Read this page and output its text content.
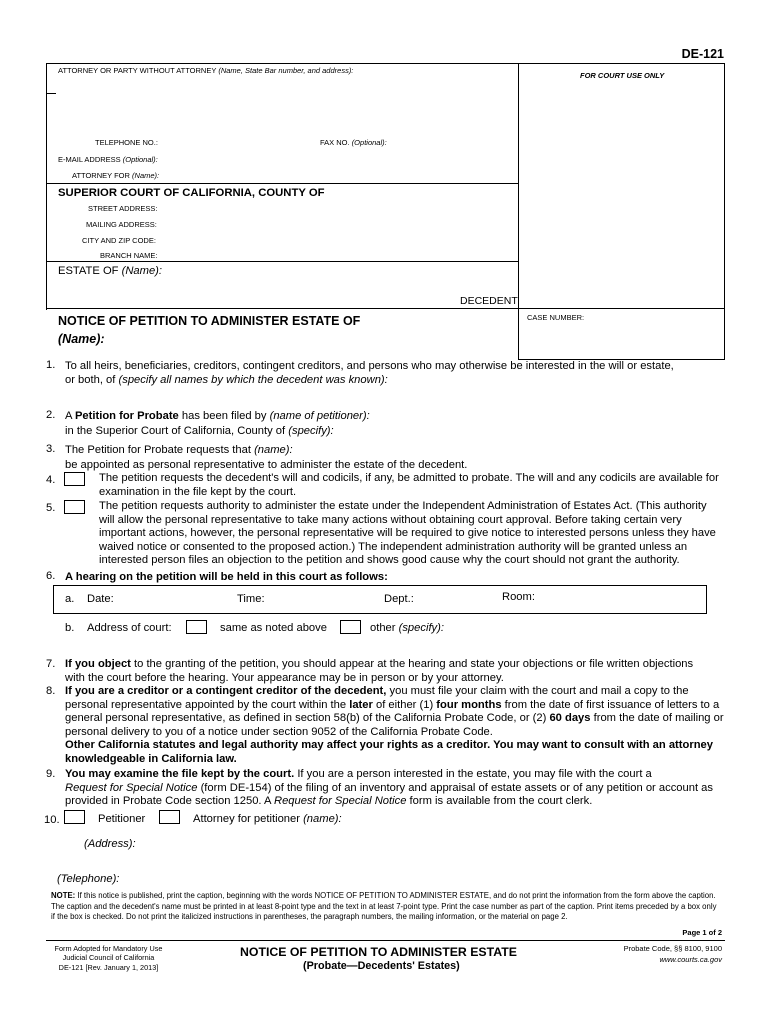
DE-121
ATTORNEY OR PARTY WITHOUT ATTORNEY (Name, State Bar number, and address):
FOR COURT USE ONLY
TELEPHONE NO.:	FAX NO. (Optional):
E-MAIL ADDRESS (Optional):
ATTORNEY FOR (Name):
SUPERIOR COURT OF CALIFORNIA, COUNTY OF
STREET ADDRESS:
MAILING ADDRESS:
CITY AND ZIP CODE:
BRANCH NAME:
ESTATE OF (Name):
DECEDENT
CASE NUMBER:
NOTICE OF PETITION TO ADMINISTER ESTATE OF
(Name):
1. To all heirs, beneficiaries, creditors, contingent creditors, and persons who may otherwise be interested in the will or estate,
or both, of (specify all names by which the decedent was known):
2. A Petition for Probate has been filed by (name of petitioner):
in the Superior Court of California, County of (specify):
3. The Petition for Probate requests that (name):
be appointed as personal representative to administer the estate of the decedent.
4.	The petition requests the decedent's will and codicils, if any, be admitted to probate. The will and any codicils are available for examination in the file kept by the court.
5.	The petition requests authority to administer the estate under the Independent Administration of Estates Act. (This authority will allow the personal representative to take many actions without obtaining court approval. Before taking certain very important actions, however, the personal representative will be required to give notice to interested persons unless they have waived notice or consented to the proposed action.) The independent administration authority will be granted unless an interested person files an objection to the petition and shows good cause why the court should not grant the authority.
6. A hearing on the petition will be held in this court as follows:
a. Date:	Time:	Dept.:	Room:
b. Address of court:	same as noted above	other (specify):
7. If you object to the granting of the petition, you should appear at the hearing and state your objections or file written objections with the court before the hearing. Your appearance may be in person or by your attorney.
8. If you are a creditor or a contingent creditor of the decedent, you must file your claim with the court and mail a copy to the personal representative appointed by the court within the later of either (1) four months from the date of first issuance of letters to a general personal representative, as defined in section 58(b) of the California Probate Code, or (2) 60 days from the date of mailing or personal delivery to you of a notice under section 9052 of the California Probate Code.
Other California statutes and legal authority may affect your rights as a creditor. You may want to consult with an attorney knowledgeable in California law.
9. You may examine the file kept by the court. If you are a person interested in the estate, you may file with the court a
Request for Special Notice (form DE-154) of the filing of an inventory and appraisal of estate assets or of any petition or account as provided in Probate Code section 1250. A Request for Special Notice form is available from the court clerk.
10.	Petitioner	Attorney for petitioner (name):
(Address):
(Telephone):
NOTE: If this notice is published, print the caption, beginning with the words NOTICE OF PETITION TO ADMINISTER ESTATE, and do not print the information from the form above the caption. The caption and the decedent's name must be printed in at least 8-point type and the text in at least 7-point type. Print the case number as part of the caption. Print items preceded by a box only if the box is checked. Do not print the italicized instructions in parentheses, the paragraph numbers, the mailing information, or the material on page 2.
Page 1 of 2
Form Adopted for Mandatory Use
Judicial Council of California
DE-121 [Rev. January 1, 2013]
NOTICE OF PETITION TO ADMINISTER ESTATE
(Probate—Decedents' Estates)
Probate Code, §§ 8100, 9100
www.courts.ca.gov
